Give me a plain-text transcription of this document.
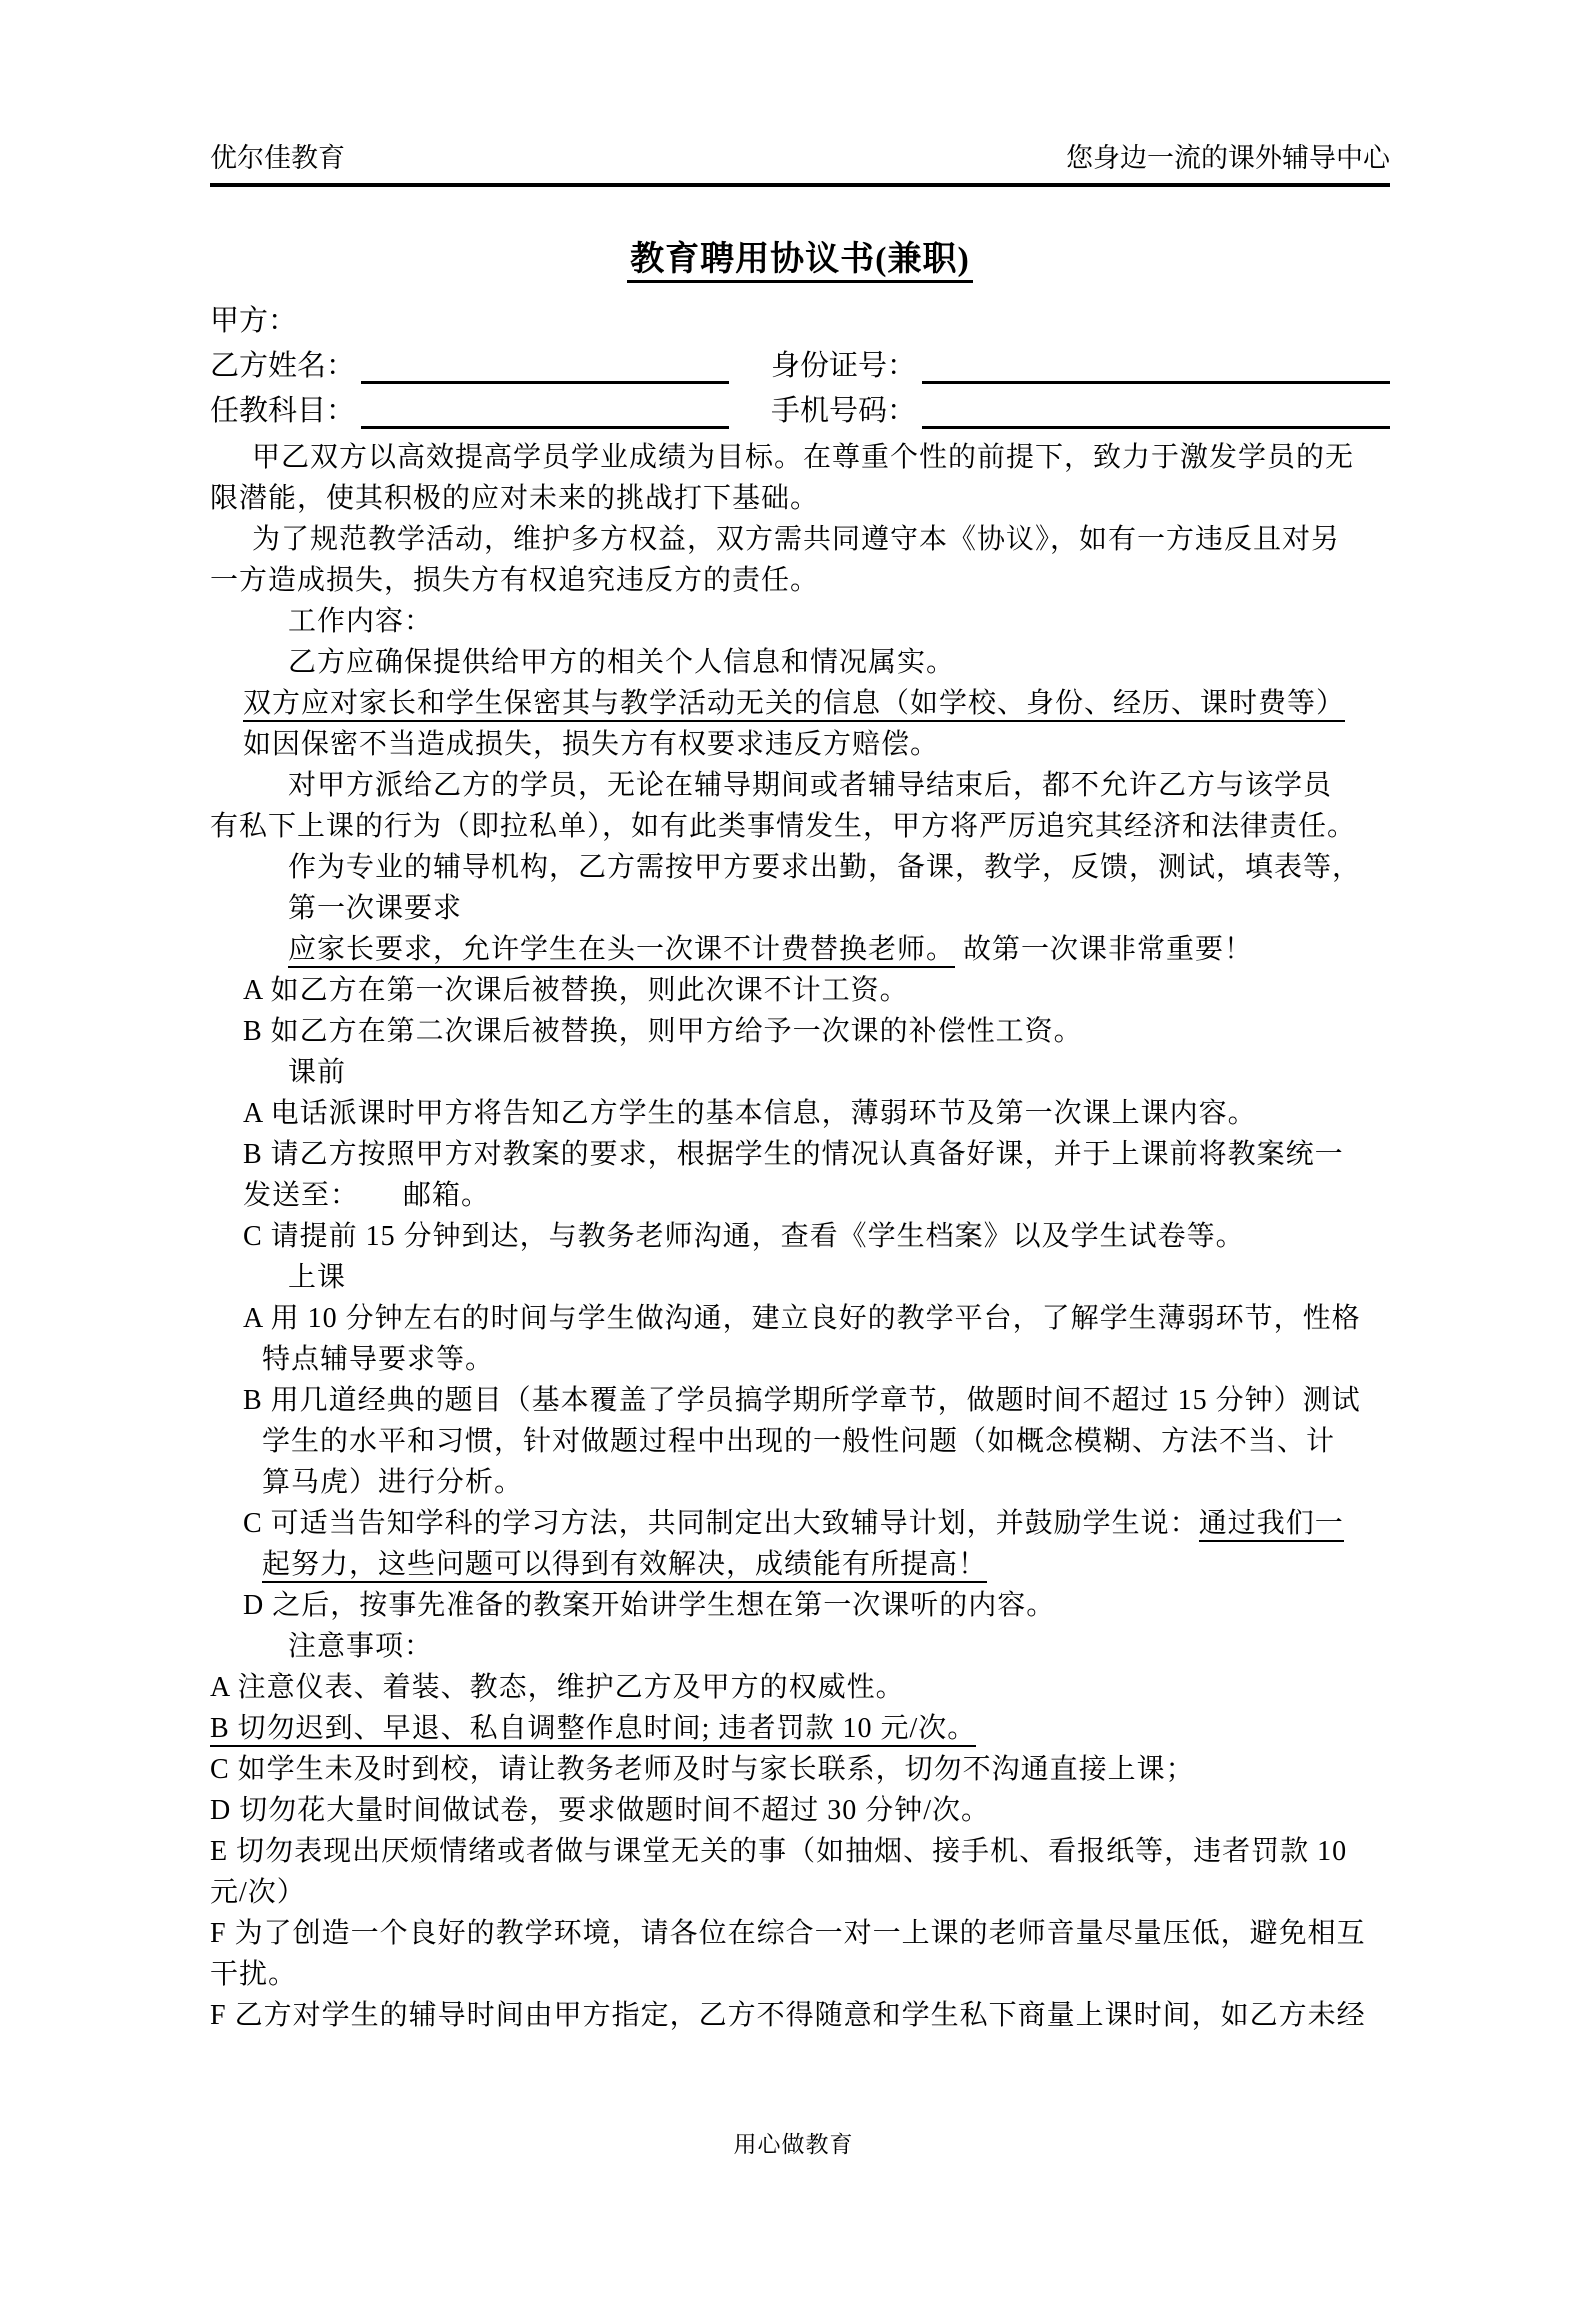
优尔佳教育	您身边一流的课外辅导中心
教育聘用协议书(兼职)
甲方：
乙方姓名：	身份证号：
任教科目：	手机号码：

甲乙双方以高效提高学员学业成绩为目标。在尊重个性的前提下，致力于激发学员的无

限潜能，使其积极的应对未来的挑战打下基础。

为了规范教学活动，维护多方权益，双方需共同遵守本《协议》，如有一方违反且对另

一方造成损失，损失方有权追究违反方的责任。

工作内容：

乙方应确保提供给甲方的相关个人信息和情况属实。

双方应对家长和学生保密其与教学活动无关的信息（如学校、身份、经历、课时费等）

如因保密不当造成损失，损失方有权要求违反方赔偿。

对甲方派给乙方的学员，无论在辅导期间或者辅导结束后，都不允许乙方与该学员

有私下上课的行为（即拉私单），如有此类事情发生，甲方将严厉追究其经济和法律责任。

作为专业的辅导机构，乙方需按甲方要求出勤，备课，教学，反馈，测试，填表等，

第一次课要求

应家长要求，允许学生在头一次课不计费替换老师。 故第一次课非常重要！

A 如乙方在第一次课后被替换，则此次课不计工资。

B 如乙方在第二次课后被替换，则甲方给予一次课的补偿性工资。

课前

A 电话派课时甲方将告知乙方学生的基本信息，薄弱环节及第一次课上课内容。

B 请乙方按照甲方对教案的要求，根据学生的情况认真备好课，并于上课前将教案统一

发送至：　　邮箱。

C 请提前 15 分钟到达，与教务老师沟通，查看《学生档案》以及学生试卷等。

上课

A 用 10 分钟左右的时间与学生做沟通，建立良好的教学平台，了解学生薄弱环节，性格

特点辅导要求等。

B 用几道经典的题目（基本覆盖了学员搞学期所学章节，做题时间不超过 15 分钟）测试

学生的水平和习惯，针对做题过程中出现的一般性问题（如概念模糊、方法不当、计

算马虎）进行分析。

C 可适当告知学科的学习方法，共同制定出大致辅导计划，并鼓励学生说：通过我们一

起努力，这些问题可以得到有效解决，成绩能有所提高！

D 之后，按事先准备的教案开始讲学生想在第一次课听的内容。

注意事项：

A 注意仪表、着装、教态，维护乙方及甲方的权威性。

B 切勿迟到、早退、私自调整作息时间; 违者罚款 10 元/次。

C 如学生未及时到校，请让教务老师及时与家长联系，切勿不沟通直接上课；

D 切勿花大量时间做试卷，要求做题时间不超过 30 分钟/次。

E 切勿表现出厌烦情绪或者做与课堂无关的事（如抽烟、接手机、看报纸等，违者罚款 10

元/次）

F 为了创造一个良好的教学环境，请各位在综合一对一上课的老师音量尽量压低，避免相互

干扰。

F 乙方对学生的辅导时间由甲方指定，乙方不得随意和学生私下商量上课时间，如乙方未经

用心做教育
